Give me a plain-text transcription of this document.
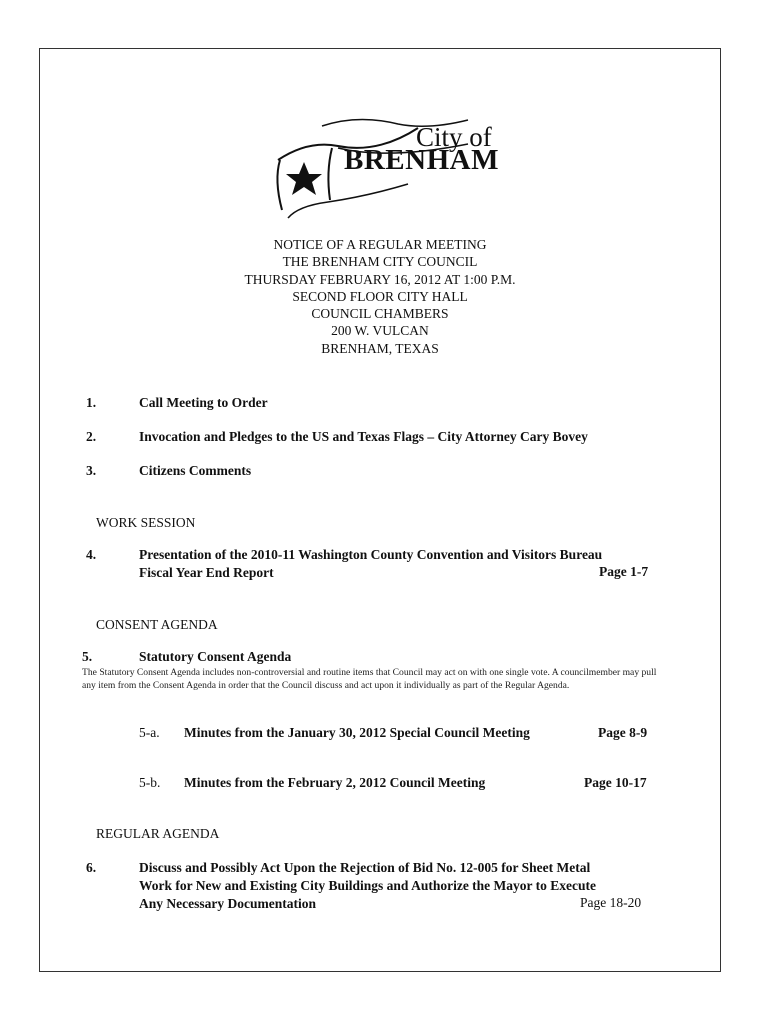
City of
BRENHAM
NOTICE OF A REGULAR MEETING
THE BRENHAM CITY COUNCIL
THURSDAY FEBRUARY 16, 2012 AT 1:00 P.M.
SECOND FLOOR CITY HALL
COUNCIL CHAMBERS
200 W. VULCAN
BRENHAM, TEXAS
1.	Call Meeting to Order
2.	Invocation and Pledges to the US and Texas Flags – City Attorney Cary Bovey
3.	Citizens Comments
WORK SESSION
4.	Presentation of the 2010-11 Washington County Convention and Visitors Bureau
Fiscal Year End Report	Page 1-7
CONSENT AGENDA
5.	Statutory Consent Agenda
The Statutory Consent Agenda includes non-controversial and routine items that Council may act on with one single vote. A councilmember may pull any item from the Consent Agenda in order that the Council discuss and act upon it individually as part of the Regular Agenda.
5-a. Minutes from the January 30, 2012 Special Council Meeting	Page 8-9
5-b. Minutes from the February 2, 2012 Council Meeting	Page 10-17
REGULAR AGENDA
6.	Discuss and Possibly Act Upon the Rejection of Bid No. 12-005 for Sheet Metal
Work for New and Existing City Buildings and Authorize the Mayor to Execute
Any Necessary Documentation	Page 18-20
